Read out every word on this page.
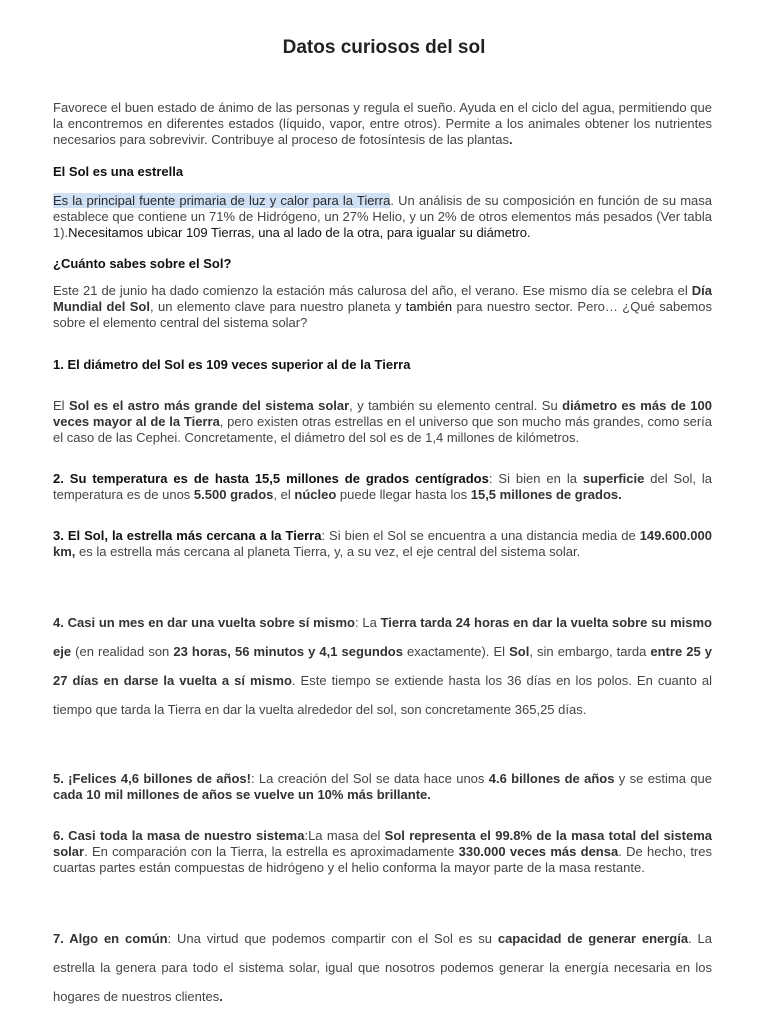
Datos curiosos del sol

Favorece el buen estado de ánimo de las personas y regula el sueño. Ayuda en el ciclo del agua, permitiendo que la encontremos en diferentes estados (líquido, vapor, entre otros). Permite a los animales obtener los nutrientes necesarios para sobrevivir. Contribuye al proceso de fotosíntesis de las plantas.

El Sol es una estrella

Es la principal fuente primaria de luz y calor para la Tierra. Un análisis de su composición en función de su masa establece que contiene un 71% de Hidrógeno, un 27% Helio, y un 2% de otros elementos más pesados (Ver tabla 1).Necesitamos ubicar 109 Tierras, una al lado de la otra, para igualar su diámetro.

¿Cuánto sabes sobre el Sol?

Este 21 de junio ha dado comienzo la estación más calurosa del año, el verano. Ese mismo día se celebra el Día Mundial del Sol, un elemento clave para nuestro planeta y también para nuestro sector. Pero… ¿Qué sabemos sobre el elemento central del sistema solar?

1. El diámetro del Sol es 109 veces superior al de la Tierra

El Sol es el astro más grande del sistema solar, y también su elemento central. Su diámetro es más de 100 veces mayor al de la Tierra, pero existen otras estrellas en el universo que son mucho más grandes, como sería el caso de las Cephei. Concretamente, el diámetro del sol es de 1,4 millones de kilómetros.

2. Su temperatura es de hasta 15,5 millones de grados centígrados: Si bien en la superficie del Sol, la temperatura es de unos 5.500 grados, el núcleo puede llegar hasta los 15,5 millones de grados.

3. El Sol, la estrella más cercana a la Tierra: Si bien el Sol se encuentra a una distancia media de 149.600.000 km, es la estrella más cercana al planeta Tierra, y, a su vez, el eje central del sistema solar.

4. Casi un mes en dar una vuelta sobre sí mismo: La Tierra tarda 24 horas en dar la vuelta sobre su mismo eje (en realidad son 23 horas, 56 minutos y 4,1 segundos exactamente). El Sol, sin embargo, tarda entre 25 y 27 días en darse la vuelta a sí mismo. Este tiempo se extiende hasta los 36 días en los polos. En cuanto al tiempo que tarda la Tierra en dar la vuelta alrededor del sol, son concretamente 365,25 días.

5. ¡Felices 4,6 billones de años!: La creación del Sol se data hace unos 4.6 billones de años y se estima que cada 10 mil millones de años se vuelve un 10% más brillante.

6. Casi toda la masa de nuestro sistema:La masa del Sol representa el 99.8% de la masa total del sistema solar. En comparación con la Tierra, la estrella es aproximadamente 330.000 veces más densa. De hecho, tres cuartas partes están compuestas de hidrógeno y el helio conforma la mayor parte de la masa restante.

7. Algo en común: Una virtud que podemos compartir con el Sol es su capacidad de generar energía. La estrella la genera para todo el sistema solar, igual que nosotros podemos generar la energía necesaria en los hogares de nuestros clientes.
